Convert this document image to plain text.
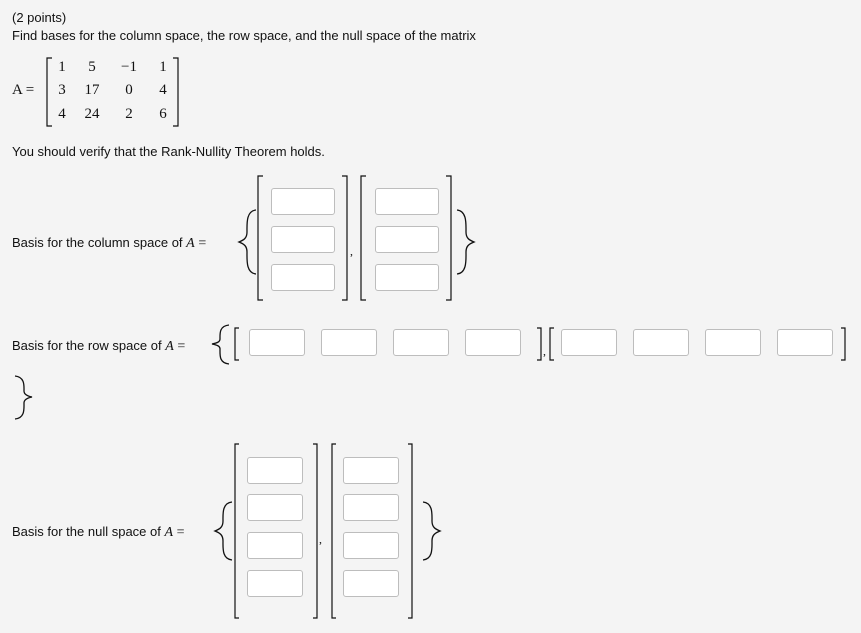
(2 points)
Find bases for the column space, the row space, and the null space of the matrix
A =
1	5	−1	1
3	17	0	4
4	24	2	6
You should verify that the Rank-Nullity Theorem holds.
Basis for the column space of A =	,
Basis for the row space of A =	,
Basis for the null space of A =	,
